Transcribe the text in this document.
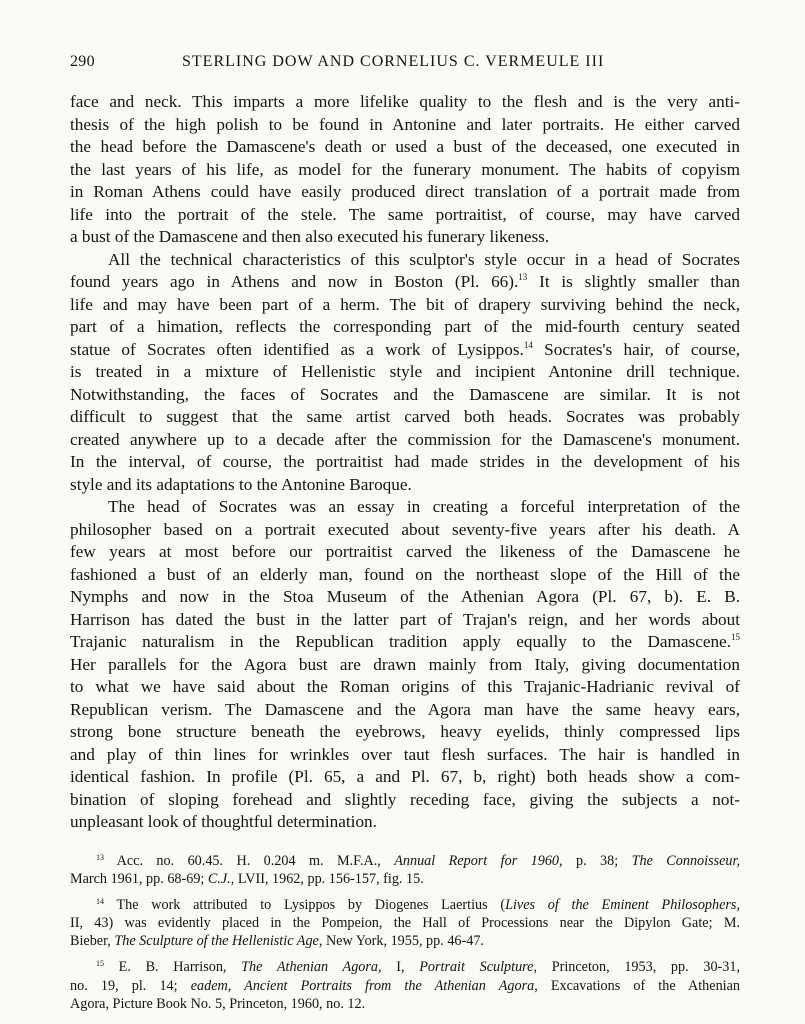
290	STERLING DOW AND CORNELIUS C. VERMEULE III
face and neck. This imparts a more lifelike quality to the flesh and is the very anti-
thesis of the high polish to be found in Antonine and later portraits. He either carved
the head before the Damascene's death or used a bust of the deceased, one executed in
the last years of his life, as model for the funerary monument. The habits of copyism
in Roman Athens could have easily produced direct translation of a portrait made from
life into the portrait of the stele. The same portraitist, of course, may have carved
a bust of the Damascene and then also executed his funerary likeness.
All the technical characteristics of this sculptor's style occur in a head of Socrates
found years ago in Athens and now in Boston (Pl. 66).$^{13}$ It is slightly smaller than
life and may have been part of a herm. The bit of drapery surviving behind the neck,
part of a himation, reflects the corresponding part of the mid-fourth century seated
statue of Socrates often identified as a work of Lysippos.$^{14}$ Socrates's hair, of course,
is treated in a mixture of Hellenistic style and incipient Antonine drill technique.
Notwithstanding, the faces of Socrates and the Damascene are similar. It is not
difficult to suggest that the same artist carved both heads. Socrates was probably
created anywhere up to a decade after the commission for the Damascene's monument.
In the interval, of course, the portraitist had made strides in the development of his
style and its adaptations to the Antonine Baroque.
The head of Socrates was an essay in creating a forceful interpretation of the
philosopher based on a portrait executed about seventy-five years after his death. A
few years at most before our portraitist carved the likeness of the Damascene he
fashioned a bust of an elderly man, found on the northeast slope of the Hill of the
Nymphs and now in the Stoa Museum of the Athenian Agora (Pl. 67, b). E. B.
Harrison has dated the bust in the latter part of Trajan's reign, and her words about
Trajanic naturalism in the Republican tradition apply equally to the Damascene.$^{15}$
Her parallels for the Agora bust are drawn mainly from Italy, giving documentation
to what we have said about the Roman origins of this Trajanic-Hadrianic revival of
Republican verism. The Damascene and the Agora man have the same heavy ears,
strong bone structure beneath the eyebrows, heavy eyelids, thinly compressed lips
and play of thin lines for wrinkles over taut flesh surfaces. The hair is handled in
identical fashion. In profile (Pl. 65, a and Pl. 67, b, right) both heads show a com-
bination of sloping forehead and slightly receding face, giving the subjects a not-
unpleasant look of thoughtful determination.
$^{13}$ Acc. no. 60.45. H. 0.204 m. M.F.A., Annual Report for 1960, p. 38; The Connoisseur,
March 1961, pp. 68-69; C.J., LVII, 1962, pp. 156-157, fig. 15.
$^{14}$ The work attributed to Lysippos by Diogenes Laertius (Lives of the Eminent Philosophers,
II, 43) was evidently placed in the Pompeion, the Hall of Processions near the Dipylon Gate; M.
Bieber, The Sculpture of the Hellenistic Age, New York, 1955, pp. 46-47.
$^{15}$ E. B. Harrison, The Athenian Agora, I, Portrait Sculpture, Princeton, 1953, pp. 30-31,
no. 19, pl. 14; eadem, Ancient Portraits from the Athenian Agora, Excavations of the Athenian
Agora, Picture Book No. 5, Princeton, 1960, no. 12.
